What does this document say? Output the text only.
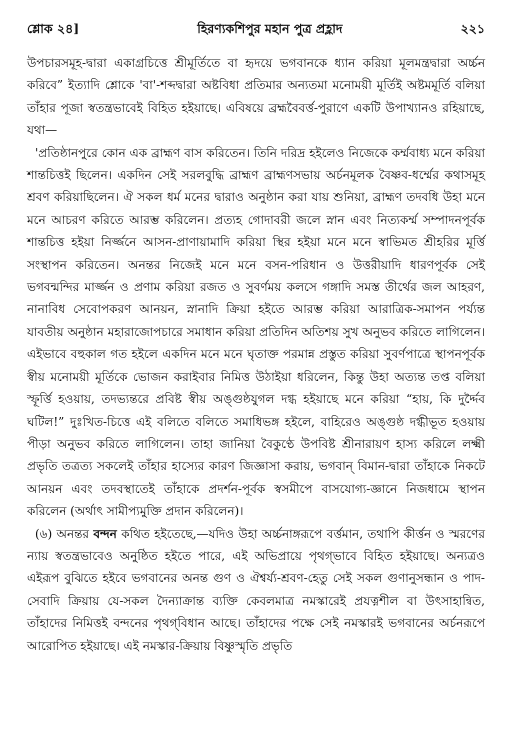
শ্লোক ২৪]	হিরণ্যকশিপুর মহান পুত্র প্রহ্লাদ	২২১

উপচারসমূহ-দ্বারা একাগ্রচিত্তে শ্রীমূর্তিতে বা হৃদয়ে ভগবানকে ধ্যান করিয়া মূলমন্ত্রদ্বারা অর্চ্চন করিবে” ইত্যাদি শ্লোকে 'বা'-শব্দদ্বারা অষ্টবিধা প্রতিমার অন্যতমা মনোময়ী মূর্তিই অষ্টমমূর্তি বলিয়া তাঁহার পূজা স্বতন্ত্রভাবেই বিহিত হইয়াছে। এবিষয়ে ব্রহ্মবৈবর্ত্ত-পুরাণে একটি উপাখ্যানও রহিয়াছে, যথা—

'প্রতিষ্ঠানপুরে কোন এক ব্রাহ্মণ বাস করিতেন। তিনি দরিদ্র হইলেও নিজেকে কর্ম্মবাধ্য মনে করিয়া শান্তচিত্তই ছিলেন। একদিন সেই সরলবুদ্ধি ব্রাহ্মণ ব্রাহ্মণসভায় অর্চনমূলক বৈষ্ণব-ধর্ম্মের কথাসমূহ শ্রবণ করিয়াছিলেন। ঐ সকল ধর্ম মনের দ্বারাও অনুষ্ঠান করা যায় শুনিয়া, ব্রাহ্মণ তদবধি উহা মনে মনে আচরণ করিতে আরম্ভ করিলেন। প্রত্যহ গোদাবরী জলে স্নান এবং নিত্যকর্ম্ম সম্পাদনপূর্বক শান্তচিত্ত হইয়া নির্জ্জনে আসন-প্রাণায়ামাদি করিয়া স্থির হইয়া মনে মনে স্বাভিমত শ্রীহরির মূর্ত্তি সংস্থাপন করিতেন। অনন্তর নিজেই মনে মনে বসন-পরিধান ও উত্তরীয়াদি ধারণপূর্বক সেই ভগবন্মন্দির মার্জ্জন ও প্রণাম করিয়া রজত ও সুবর্ণময় কলসে গঙ্গাদি সমস্ত তীর্থের জল আহরণ, নানাবিধ সেবোপকরণ আনয়ন, স্নানাদি ক্রিয়া হইতে আরম্ভ করিয়া আরাত্রিক-সমাপন পর্য্যন্ত যাবতীয় অনুষ্ঠান মহারাজোপচারে সমাধান করিয়া প্রতিদিন অতিশয় সুখ অনুভব করিতে লাগিলেন। এইভাবে বহুকাল গত হইলে একদিন মনে মনে ঘৃতাক্ত পরমান্ন প্রস্তুত করিয়া সুবর্ণপাত্রে স্থাপনপূর্বক স্বীয় মনোময়ী মূর্তিকে ভোজন করাইবার নিমিত্ত উঠাইয়া ধরিলেন, কিন্তু উহা অত্যন্ত তপ্ত বলিয়া স্ফূর্ত্তি হওয়ায়, তদভ্যন্তরে প্রবিষ্ট স্বীয় অঙ্গুষ্ঠযুগল দগ্ধ হইয়াছে মনে করিয়া “হায়, কি দুর্দ্দৈব ঘটিল!” দুঃখিত-চিত্তে এই বলিতে বলিতে সমাধিভঙ্গ হইলে, বাহিরেও অঙ্গুষ্ঠ দগ্ধীভূত হওয়ায় পীড়া অনুভব করিতে লাগিলেন। তাহা জানিয়া বৈকুণ্ঠে উপবিষ্ট শ্রীনারায়ণ হাস্য করিলে লক্ষ্মী প্রভৃতি তত্রত্য সকলেই তাঁহার হাস্যের কারণ জিজ্ঞাসা করায়, ভগবান্ বিমান-দ্বারা তাঁহাকে নিকটে আনয়ন এবং তদবস্থাতেই তাঁহাকে প্রদর্শন-পূর্বক স্বসমীপে বাসযোগ্য-জ্ঞানে নিজধামে স্থাপন করিলেন (অর্থাৎ সামীপ্যমুক্তি প্রদান করিলেন)।

(৬) অনন্তর বন্দন কথিত হইতেছে,—যদিও উহা অর্চ্চনাঙ্গরূপে বর্ত্তমান, তথাপি কীর্ত্তন ও স্মরণের ন্যায় স্বতন্ত্রভাবেও অনুষ্ঠিত হইতে পারে, এই অভিপ্রায়ে পৃথগ্‌ভাবে বিহিত হইয়াছে। অন্যত্রও এইরূপ বুঝিতে হইবে ভগবানের অনন্ত গুণ ও ঐশ্বর্য্য-শ্রবণ-হেতু সেই সকল গুণানুসন্ধান ও পাদ-সেবাদি ক্রিয়ায় যে-সকল দৈন্যাক্রান্ত ব্যক্তি কেবলমাত্র নমস্কারেই প্রযত্নশীল বা উৎসাহান্বিত, তাঁহাদের নিমিত্তই বন্দনের পৃথগ্‌বিধান আছে। তাঁহাদের পক্ষে সেই নমস্কারই ভগবানের অর্চনরূপে আরোপিত হইয়াছে। এই নমস্কার-ক্রিয়ায় বিষ্ণুস্মৃতি প্রভৃতি
